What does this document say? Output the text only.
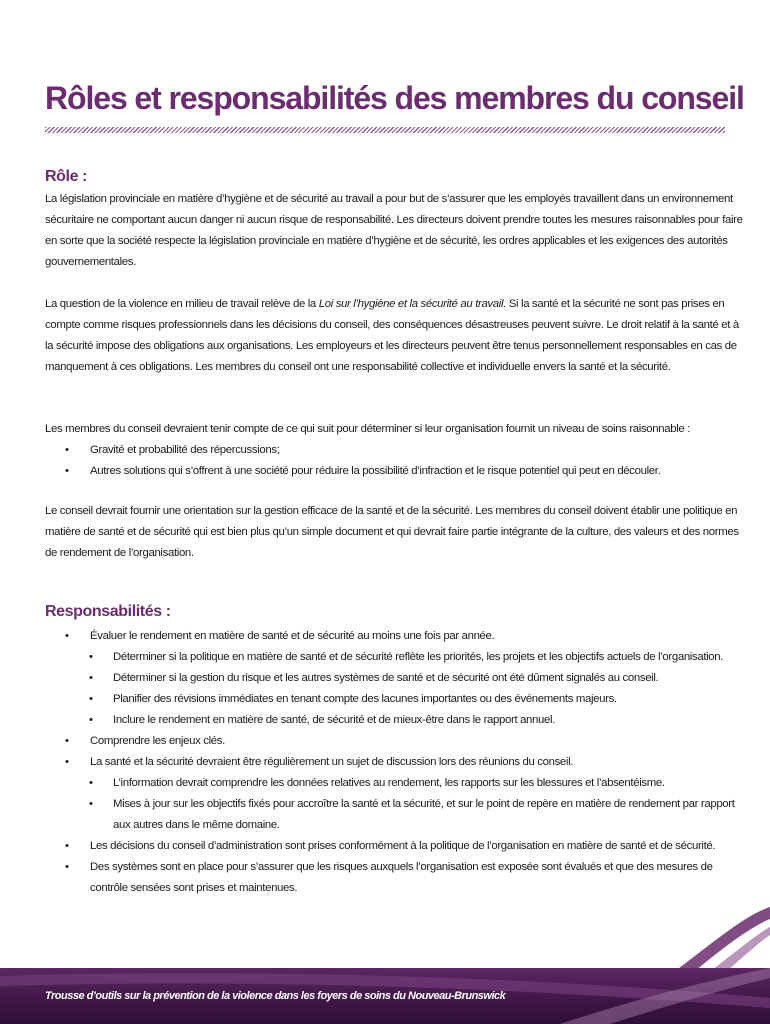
Rôles et responsabilités des membres du conseil
Rôle :

La législation provinciale en matière d’hygiène et de sécurité au travail a pour but de s’assurer que les employés travaillent dans un environnement sécuritaire ne comportant aucun danger ni aucun risque de responsabilité. Les directeurs doivent prendre toutes les mesures raisonnables pour faire en sorte que la société respecte la législation provinciale en matière d’hygiène et de sécurité, les ordres applicables et les exigences des autorités gouvernementales.

La question de la violence en milieu de travail relève de la Loi sur l’hygiène et la sécurité au travail. Si la santé et la sécurité ne sont pas prises en compte comme risques professionnels dans les décisions du conseil, des conséquences désastreuses peuvent suivre. Le droit relatif à la santé et à la sécurité impose des obligations aux organisations. Les employeurs et les directeurs peuvent être tenus personnellement responsables en cas de manquement à ces obligations. Les membres du conseil ont une responsabilité collective et individuelle envers la santé et la sécurité.

Les membres du conseil devraient tenir compte de ce qui suit pour déterminer si leur organisation fournit un niveau de soins raisonnable :

• Gravité et probabilité des répercussions;
• Autres solutions qui s’offrent à une société pour réduire la possibilité d’infraction et le risque potentiel qui peut en découler.

Le conseil devrait fournir une orientation sur la gestion efficace de la santé et de la sécurité. Les membres du conseil doivent établir une politique en matière de santé et de sécurité qui est bien plus qu’un simple document et qui devrait faire partie intégrante de la culture, des valeurs et des normes de rendement de l’organisation.

Responsabilités :
• Évaluer le rendement en matière de santé et de sécurité au moins une fois par année.
• Déterminer si la politique en matière de santé et de sécurité reflète les priorités, les projets et les objectifs actuels de l’organisation.
• Déterminer si la gestion du risque et les autres systèmes de santé et de sécurité ont été dûment signalés au conseil.
• Planifier des révisions immédiates en tenant compte des lacunes importantes ou des événements majeurs.
• Inclure le rendement en matière de santé, de sécurité et de mieux-être dans le rapport annuel.
• Comprendre les enjeux clés.
• La santé et la sécurité devraient être régulièrement un sujet de discussion lors des réunions du conseil.
• L’information devrait comprendre les données relatives au rendement, les rapports sur les blessures et l’absentéisme.
• Mises à jour sur les objectifs fixés pour accroître la santé et la sécurité, et sur le point de repère en matière de rendement par rapport aux autres dans le même domaine.
• Les décisions du conseil d’administration sont prises conformément à la politique de l’organisation en matière de santé et de sécurité.
• Des systèmes sont en place pour s’assurer que les risques auxquels l’organisation est exposée sont évalués et que des mesures de contrôle sensées sont prises et maintenues.
Trousse d’outils sur la prévention de la violence dans les foyers de soins du Nouveau-Brunswick
